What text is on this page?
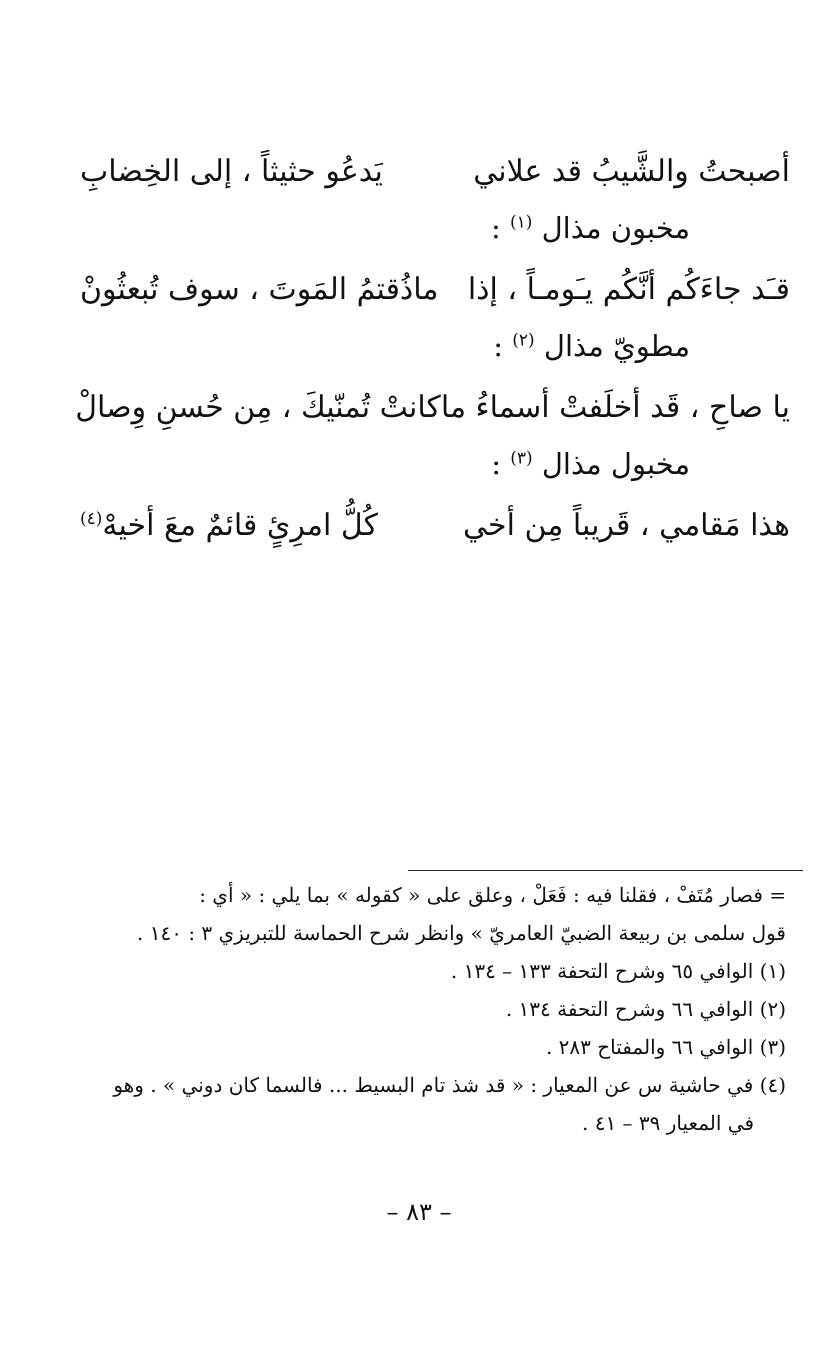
أصبحتُ والشَّيبُ قد علاني
يَدعُو حثيثاً ، إلى الخِضابِ
مخبون مذال $^{(١)}$ :
قـَد جاءَكُم أنَّكُم يـَومـاً ، إذا
ماذُقتمُ المَوتَ ، سوف تُبعثُونْ
مطويّ مذال $^{(٢)}$ :
يا صاحِ ، قَد أخلَفتْ أسماءُ ما
كانتْ تُمنّيكَ ، مِن حُسنِ وِصالْ
مخبول مذال $^{(٣)}$ :
هذا مَقامي ، قَريباً مِن أخي
كُلُّ امرِئٍ قائمٌ معَ أخيهْ$^{(٤)}$
= فصار مُتَفْ ، فقلنا فيه : فَعَلْ ، وعلق على « كقوله » بما يلي : « أي :
قول سلمى بن ربيعة الضبيّ العامريّ » وانظر شرح الحماسة للتبريزي ٣ : ١٤٠ .
(١) الوافي ٦٥ وشرح التحفة ١٣٣ – ١٣٤ .
(٢) الوافي ٦٦ وشرح التحفة ١٣٤ .
(٣) الوافي ٦٦ والمفتاح ٢٨٣ .
(٤) في حاشية س عن المعيار : « قد شذ تام البسيط ... فالسما كان دوني » . وهو
في المعيار ٣٩ – ٤١ .
– ٨٣ –
